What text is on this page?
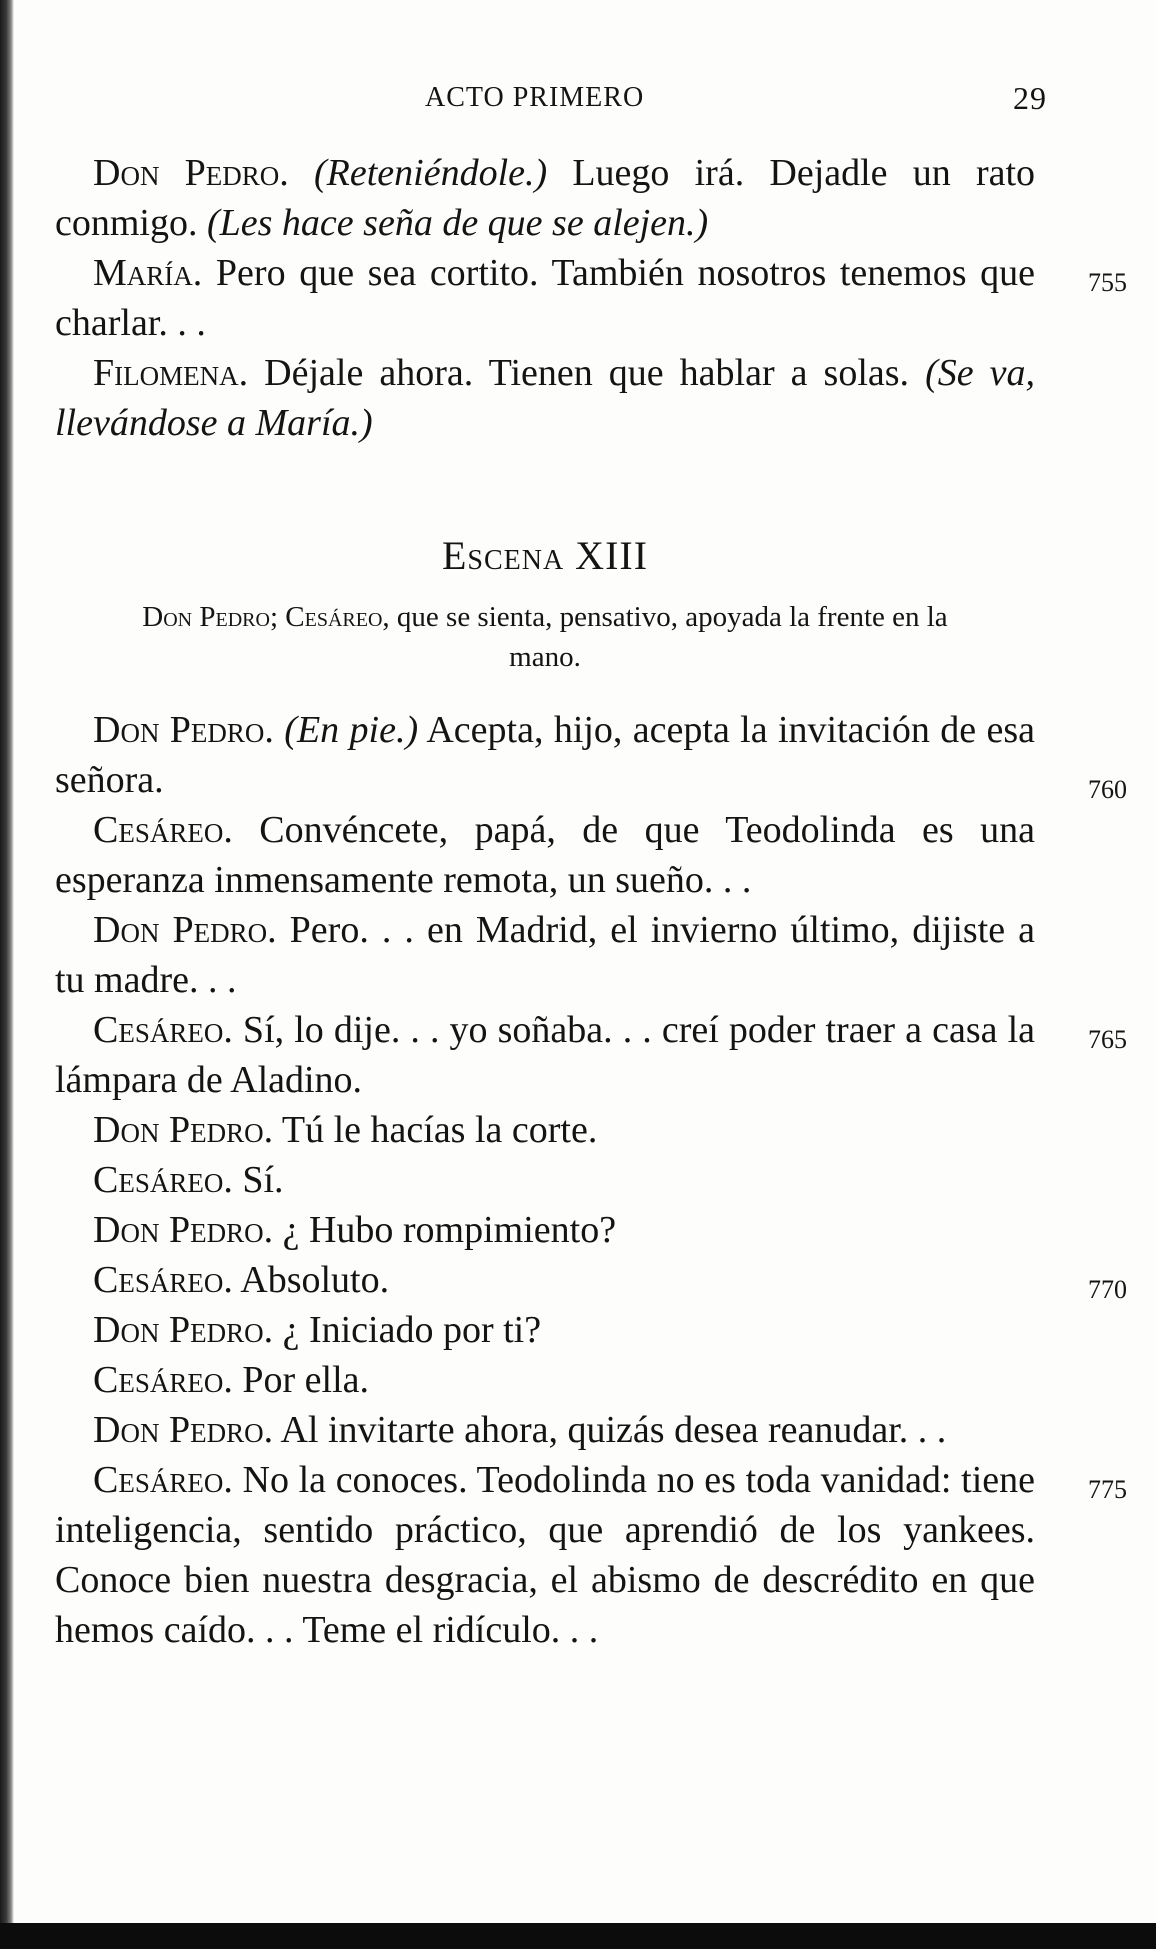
ACTO PRIMERO	29
Don Pedro. (Reteniéndole.) Luego irá. Dejadle un rato conmigo. (Les hace seña de que se alejen.)
María. Pero que sea cortito. También nosotros tenemos que charlar. . .
755
Filomena. Déjale ahora. Tienen que hablar a solas. (Se va, llevándose a María.)
Escena XIII
Don Pedro; Cesáreo, que se sienta, pensativo, apoyada la frente en la mano.
Don Pedro. (En pie.) Acepta, hijo, acepta la invitación de esa señora.	760
Cesáreo. Convéncete, papá, de que Teodolinda es una esperanza inmensamente remota, un sueño. . .
Don Pedro. Pero. . . en Madrid, el invierno último, dijiste a tu madre. . .
Cesáreo. Sí, lo dije. . . yo soñaba. . . creí poder traer a casa la lámpara de Aladino.
765
Don Pedro. Tú le hacías la corte.
Cesáreo. Sí.
Don Pedro. ¿ Hubo rompimiento?
Cesáreo. Absoluto.	770
Don Pedro. ¿ Iniciado por ti?
Cesáreo. Por ella.
Don Pedro. Al invitarte ahora, quizás desea reanudar. . .
Cesáreo. No la conoces. Teodolinda no es toda vanidad: tiene inteligencia, sentido práctico, que aprendió de los yankees. Conoce bien nuestra desgracia, el abismo de descrédito en que hemos caído. . . Teme el ridículo. . .
775
